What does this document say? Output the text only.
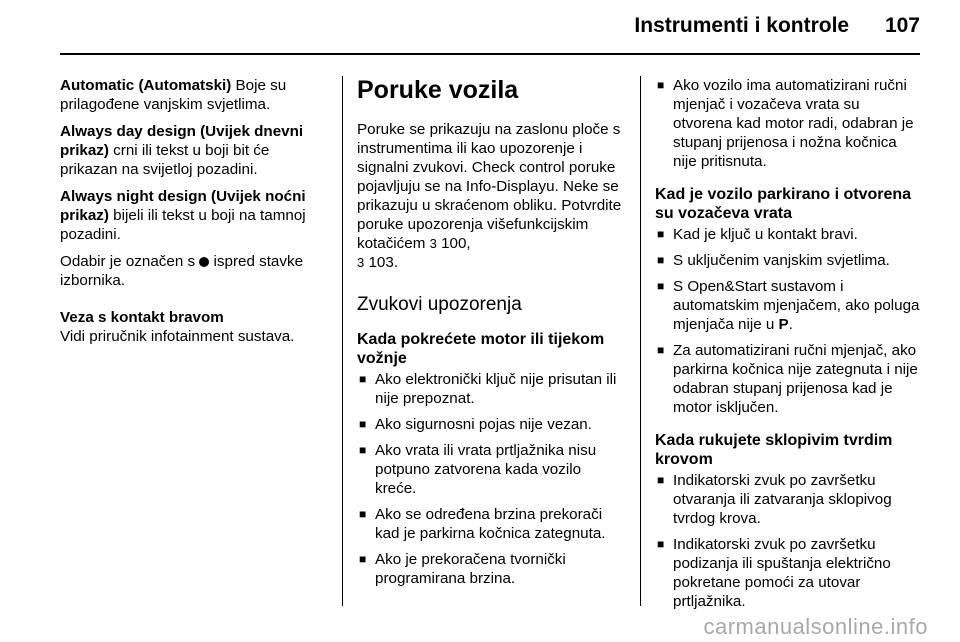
Instrumenti i kontrole 107

Automatic (Automatski) Boje su prilagođene vanjskim svjetlima.

Always day design (Uvijek dnevni prikaz) crni ili tekst u boji bit će prikazan na svijetloj pozadini.

Always night design (Uvijek noćni prikaz) bijeli ili tekst u boji na tamnoj pozadini.

Odabir je označen s  ispred stavke izbornika.

Veza s kontakt bravom

Vidi priručnik infotainment sustava.

Poruke vozila

Poruke se prikazuju na zaslonu ploče s instrumentima ili kao upozorenje i signalni zvukovi. Check control poruke pojavljuju se na Info-Displayu. Neke se prikazuju u skraćenom obliku. Potvrdite poruke upozorenja višefunkcijskim kotačićem 3 100,
3 103.

Zvukovi upozorenja
Kada pokrećete motor ili tijekom vožnje
■ Ako elektronički ključ nije prisutan ili nije prepoznat.
■ Ako sigurnosni pojas nije vezan.
■ Ako vrata ili vrata prtljažnika nisu potpuno zatvorena kada vozilo kreće.
■ Ako se određena brzina prekorači kad je parkirna kočnica zategnuta.
■ Ako je prekoračena tvornički programirana brzina.
■ Ako vozilo ima automatizirani ručni mjenjač i vozačeva vrata su otvorena kad motor radi, odabran je stupanj prijenosa i nožna kočnica nije pritisnuta.
Kad je vozilo parkirano i otvorena su vozačeva vrata
■ Kad je ključ u kontakt bravi.
■ S uključenim vanjskim svjetlima.
■ S Open&Start sustavom i automatskim mjenjačem, ako poluga mjenjača nije u P.
■ Za automatizirani ručni mjenjač, ako parkirna kočnica nije zategnuta i nije odabran stupanj prijenosa kad je motor isključen.
Kada rukujete sklopivim tvrdim krovom
■ Indikatorski zvuk po završetku otvaranja ili zatvaranja sklopivog tvrdog krova.
■ Indikatorski zvuk po završetku podizanja ili spuštanja električno pokretane pomoći za utovar prtljažnika.
carmanualsonline.info
